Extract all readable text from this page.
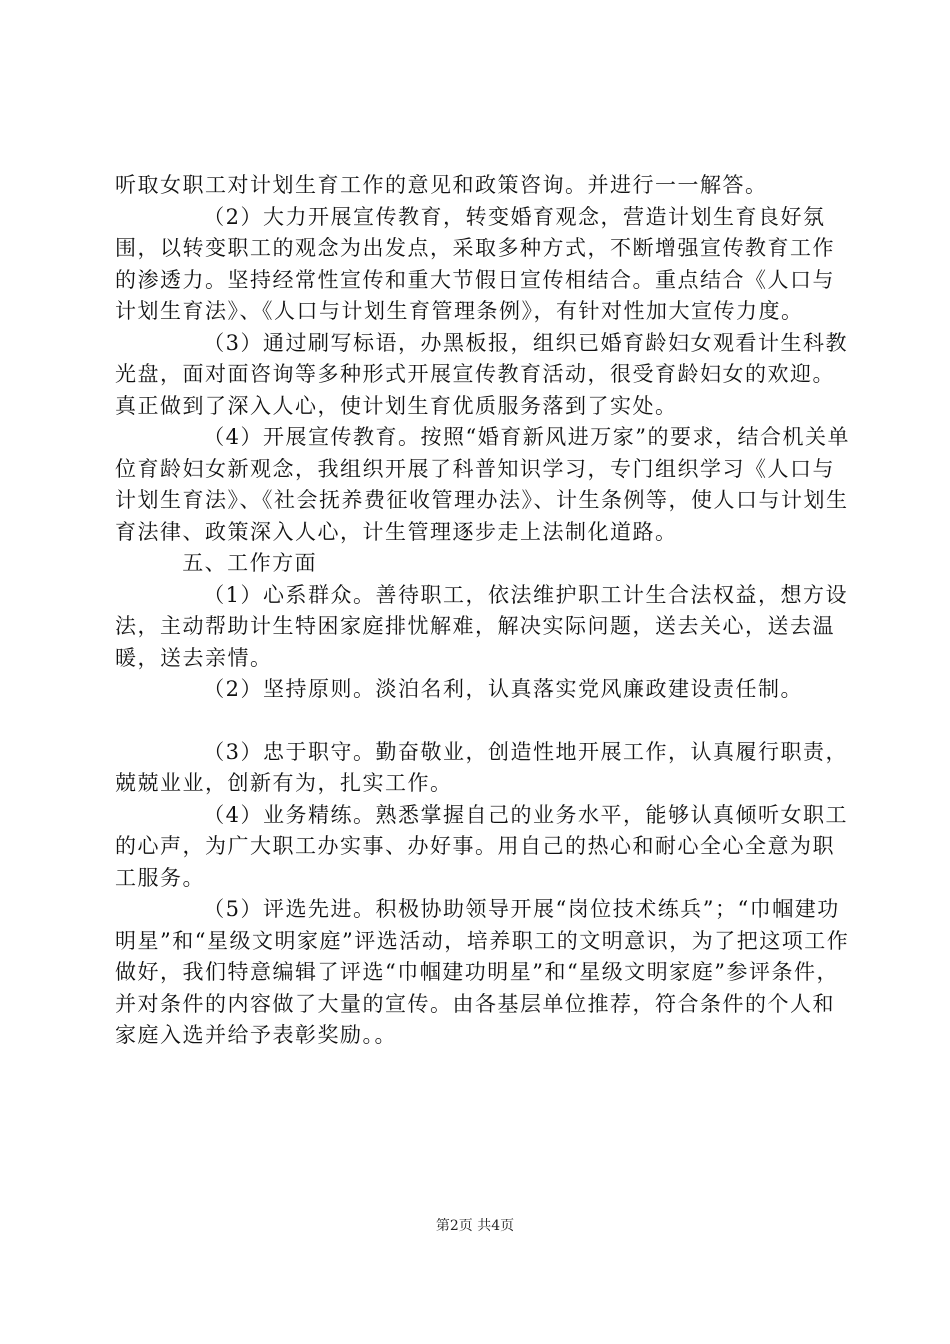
听取女职工对计划生育工作的意见和政策咨询。并进行一一解答。

（2）大力开展宣传教育，转变婚育观念，营造计划生育良好氛围，以转变职工的观念为出发点，采取多种方式，不断增强宣传教育工作的渗透力。坚持经常性宣传和重大节假日宣传相结合。重点结合《人口与计划生育法》、《人口与计划生育管理条例》，有针对性加大宣传力度。

（3）通过刷写标语，办黑板报，组织已婚育龄妇女观看计生科教光盘，面对面咨询等多种形式开展宣传教育活动，很受育龄妇女的欢迎。真正做到了深入人心，使计划生育优质服务落到了实处。

（4）开展宣传教育。按照“婚育新风进万家”的要求，结合机关单位育龄妇女新观念，我组织开展了科普知识学习，专门组织学习《人口与计划生育法》、《社会抚养费征收管理办法》、计生条例等，使人口与计划生育法律、政策深入人心，计生管理逐步走上法制化道路。

五、工作方面

（1）心系群众。善待职工，依法维护职工计生合法权益，想方设法，主动帮助计生特困家庭排忧解难，解决实际问题，送去关心，送去温暖，送去亲情。

（2）坚持原则。淡泊名利，认真落实党风廉政建设责任制。

（3）忠于职守。勤奋敬业，创造性地开展工作，认真履行职责，兢兢业业，创新有为，扎实工作。

（4）业务精练。熟悉掌握自己的业务水平，能够认真倾听女职工的心声，为广大职工办实事、办好事。用自己的热心和耐心全心全意为职工服务。

（5）评选先进。积极协助领导开展“岗位技术练兵”；“巾帼建功明星”和“星级文明家庭”评选活动，培养职工的文明意识，为了把这项工作做好，我们特意编辑了评选“巾帼建功明星”和“星级文明家庭”参评条件，并对条件的内容做了大量的宣传。由各基层单位推荐，符合条件的个人和家庭入选并给予表彰奖励。。

第2页 共4页
